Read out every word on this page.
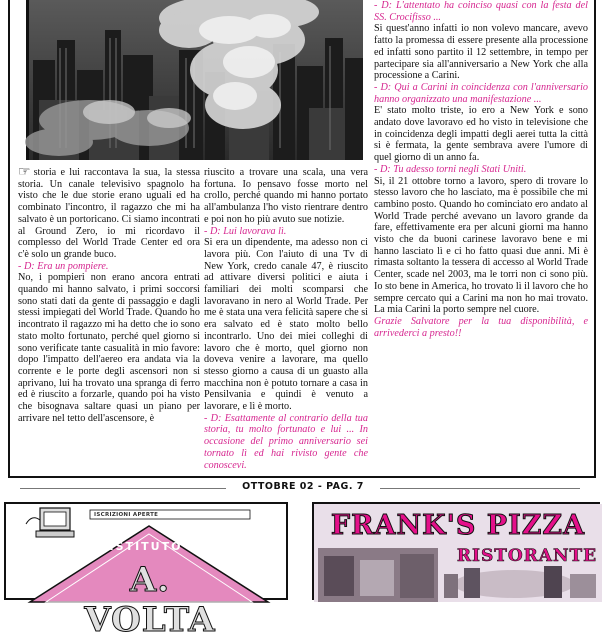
☞ storia e lui raccontava la sua, la stessa storia. Un canale televisivo spagnolo ha visto che le due storie erano uguali ed ha combinato l'incontro, il ragazzo che mi ha salvato è un portoricano. Ci siamo incontrati al Ground Zero, io mi ricordavo il complesso del World Trade Center ed ora c'è solo un grande buco.

- D: Era un pompiere.

No, i pompieri non erano ancora entrati quando mi hanno salvato, i primi soccorsi sono stati dati da gente di passaggio e dagli stessi impiegati del World Trade. Quando ho incontrato il ragazzo mi ha detto che io sono stato molto fortunato, perché quel giorno si sono verificate tante casualità in mio favore: dopo l'impatto dell'aereo era andata via la corrente e le porte degli ascensori non si aprivano, lui ha trovato una spranga di ferro ed è riuscito a forzarle, quando poi ha visto che bisognava saltare quasi un piano per arrivare nel tetto dell'ascensore, è

riuscito a trovare una scala, una vera fortuna. Io pensavo fosse morto nel crollo, perché quando mi hanno portato all'ambulanza l'ho visto rientrare dentro e poi non ho più avuto sue notizie.

- D: Lui lavorava lì.

Si era un dipendente, ma adesso non ci lavora più. Con l'aiuto di una Tv di New York, credo canale 47, è riuscito ad attivare diversi politici e aiuta i familiari dei molti scomparsi che lavoravano in nero al World Trade. Per me è stata una vera felicità sapere che si era salvato ed è stato molto bello incontrarlo. Uno dei miei colleghi di lavoro che è morto, quel giorno non doveva venire a lavorare, ma quello stesso giorno a causa di un guasto alla macchina non è potuto tornare a casa in Pensilvania e quindi è venuto a lavorare, e lì è morto.

- D: Esattamente al contrario della tua storia, tu molto fortunato e lui ... In occasione del primo anniversario sei tornato lì ed hai rivisto gente che conoscevi.

- D: L'attentato ha coinciso quasi con la festa del SS. Crocifisso ...

Si quest'anno infatti io non volevo mancare, avevo fatto la promessa di essere presente alla processione ed infatti sono partito il 12 settembre, in tempo per partecipare sia all'anniversario a New York che alla processione a Carini.

- D: Qui a Carini in coincidenza con l'anniversario hanno organizzato una manifestazione ...

E' stato molto triste, io ero a New York e sono andato dove lavoravo ed ho visto in televisione che in coincidenza degli impatti degli aerei tutta la città si è fermata, la gente sembrava avere l'umore di quel giorno di un anno fa.

- D: Tu adesso torni negli Stati Uniti.

Si, il 21 ottobre torno a lavoro, spero di trovare lo stesso lavoro che ho lasciato, ma è possibile che mi cambino posto. Quando ho cominciato ero andato al World Trade perché avevano un lavoro grande da fare, effettivamente era per alcuni giorni ma hanno visto che da buoni carinese lavoravo bene e mi hanno lasciato lì e ci ho fatto quasi due anni. Mi è rimasta soltanto la tessera di accesso al World Trade Center, scade nel 2003, ma le torri non ci sono più. Io sto bene in America, ho trovato lì il lavoro che ho sempre cercato qui a Carini ma non ho mai trovato. La mia Carini la porto sempre nel cuore.

Grazie Salvatore per la tua disponibilità, e arrivederci a presto!!

OTTOBRE 02 - PAG. 7
ISCRIZIONI APERTE
ISTITUTO
A. VOLTA
FRANK'S PIZZA
RISTORANTE
